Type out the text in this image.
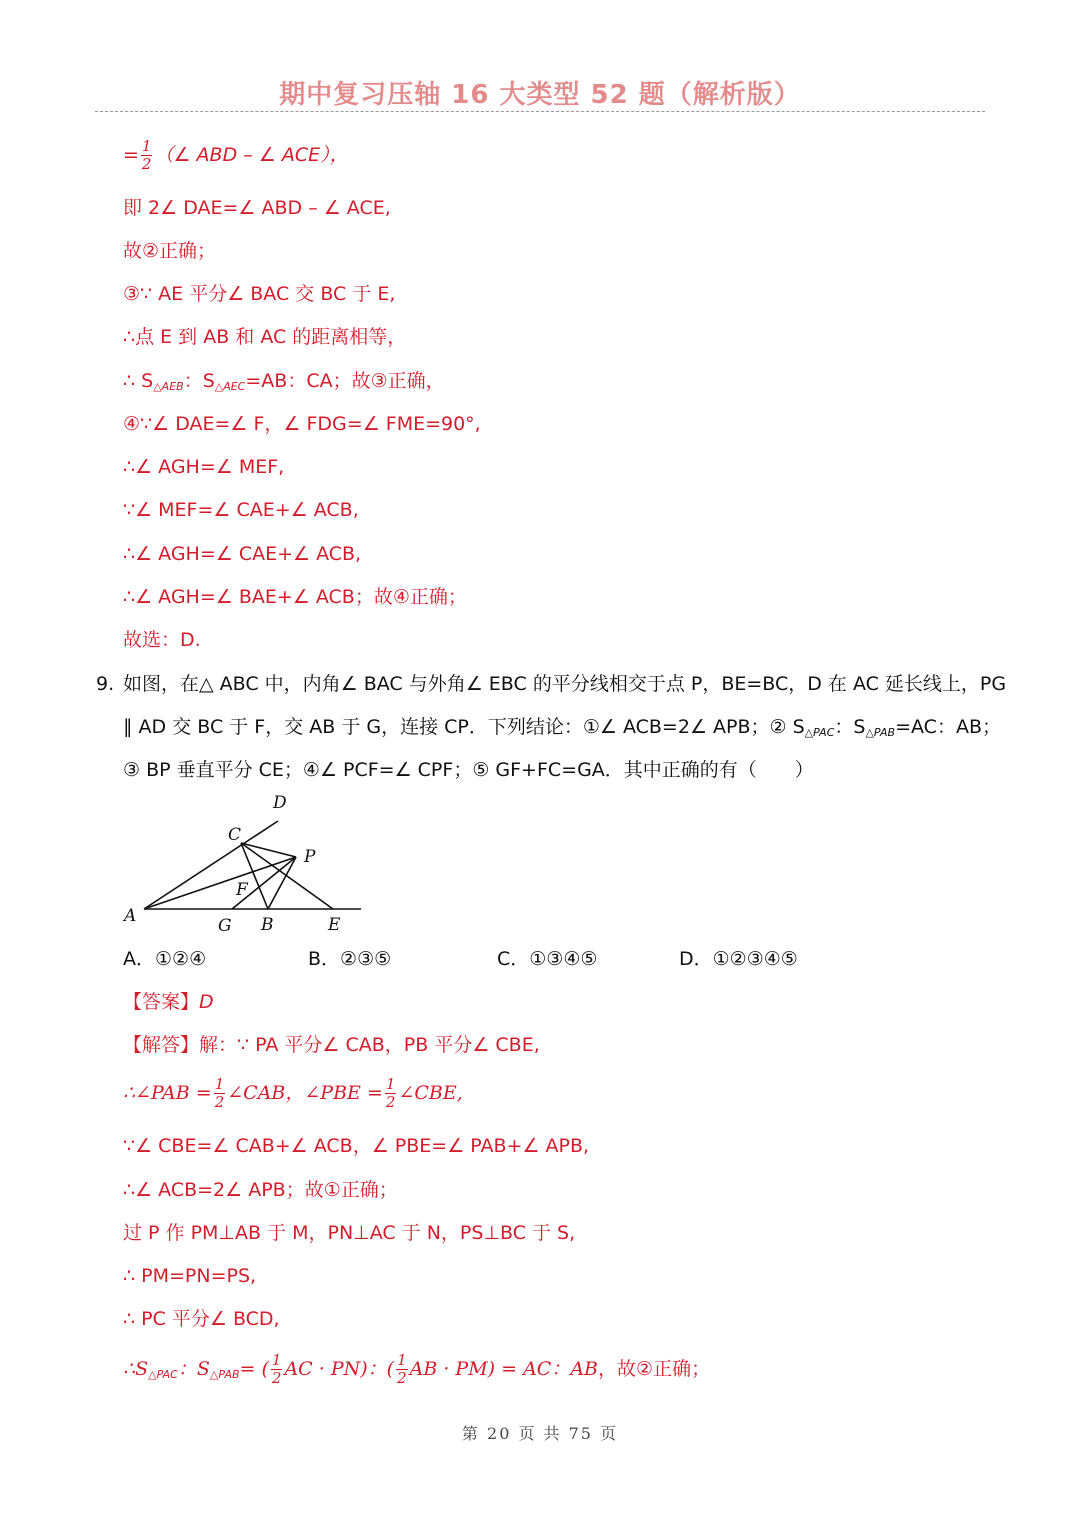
期中复习压轴 16 大类型 52 题（解析版）
= $\frac{1}{2}$ （∠ ABD – ∠ ACE），
即 2∠ DAE=∠ ABD – ∠ ACE,
故②正确；
③∵ AE 平分∠ BAC 交 BC 于 E,
∴点 E 到 AB 和 AC 的距离相等，
∴ $S_{\triangle AEB}$：$S_{\triangle AEC}=AB$：CA；故③正确，
④∵∠ DAE=∠ F，∠ FDG=∠ FME=90°,
∴∠ AGH=∠ MEF,
∵∠ MEF=∠ CAE+∠ ACB,
∴∠ AGH=∠ CAE+∠ ACB,
∴∠ AGH=∠ BAE+∠ ACB；故④正确；
故选：D.
9. 如图，在△ ABC 中，内角∠ BAC 与外角∠ EBC 的平分线相交于点 P，BE=BC，D 在 AC 延长线上，PG
∥ AD 交 BC 于 F，交 AB 于 G，连接 CP．下列结论：①∠ ACB=2∠ APB；② $S_{\triangle PAC}$：$S_{\triangle PAB}=AC$：AB；
③ BP 垂直平分 CE；④∠ PCF=∠ CPF；⑤ GF+FC=GA．其中正确的有（　　）
D
C
P
F
A	G B	E
A．①②④	B．②③⑤	C．①③④⑤	D．①②③④⑤
【答案】D
【解答】解：∵ PA 平分∠ CAB，PB 平分∠ CBE,
∴∠PAB = $\frac{1}{2}$ ∠CAB，∠PBE = $\frac{1}{2}$ ∠CBE,
∵∠ CBE=∠ CAB+∠ ACB，∠ PBE=∠ PAB+∠ APB,
∴∠ ACB=2∠ APB；故①正确；
过 P 作 PM⊥AB 于 M，PN⊥AC 于 N，PS⊥BC 于 S,
∴ PM=PN=PS,
∴ PC 平分∠ BCD,
$\therefore S_{\triangle PAC}$：$S_{\triangle PAB}=$ ( $\frac{1}{2}$ AC · PN)：( $\frac{1}{2}$ AB · PM) = AC：AB，故②正确；
第 20 页 共 75 页
